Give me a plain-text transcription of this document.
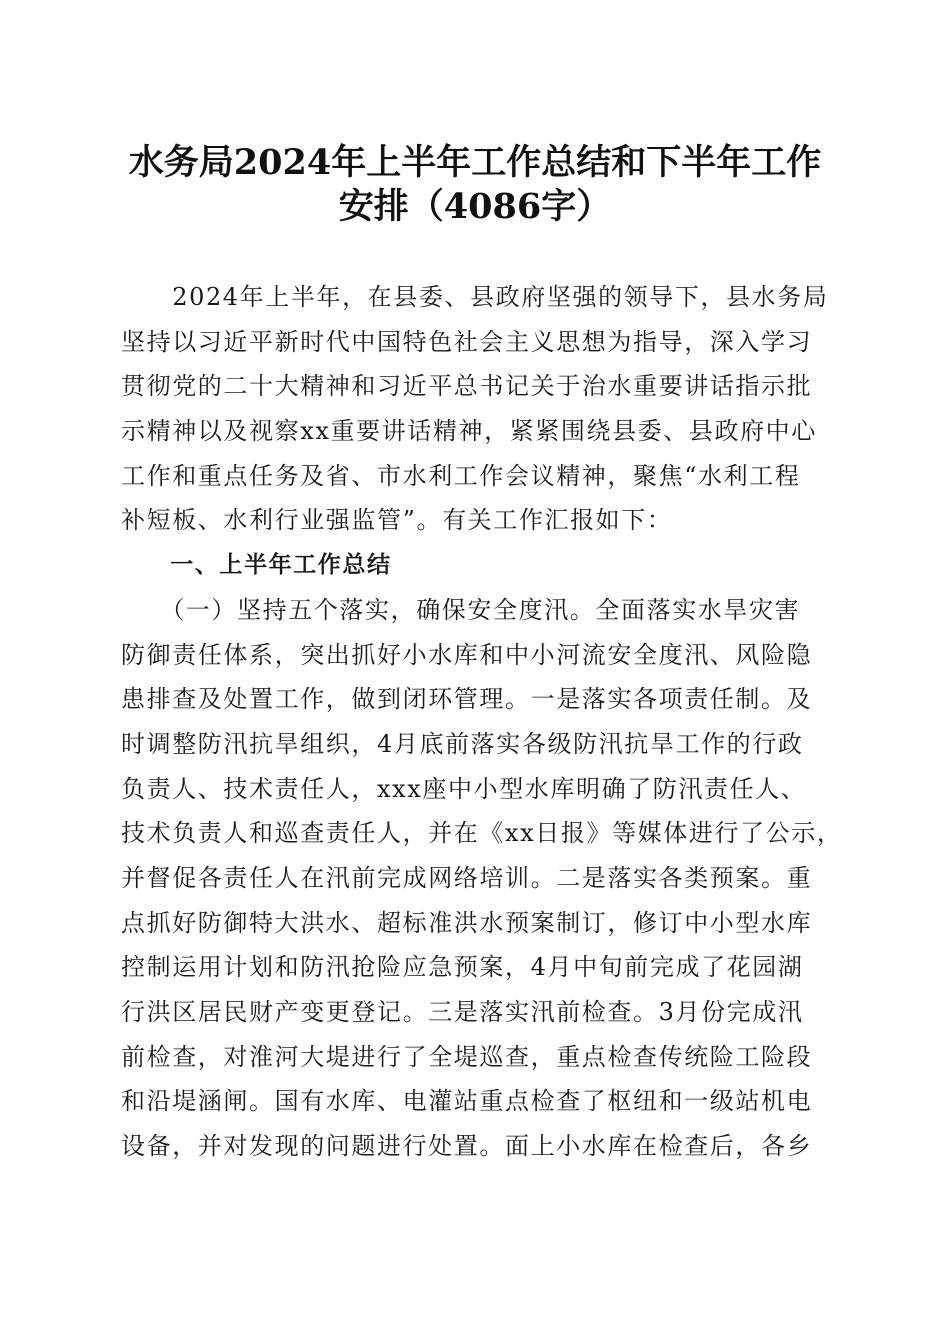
水务局2024年上半年工作总结和下半年工作
安排（4086字）
　　2024年上半年，在县委、县政府坚强的领导下，县水务局
坚持以习近平新时代中国特色社会主义思想为指导，深入学习
贯彻党的二十大精神和习近平总书记关于治水重要讲话指示批
示精神以及视察xx重要讲话精神，紧紧围绕县委、县政府中心
工作和重点任务及省、市水利工作会议精神，聚焦“水利工程
补短板、水利行业强监管”。有关工作汇报如下：
　　一、上半年工作总结
　　（一）坚持五个落实，确保安全度汛。全面落实水旱灾害
防御责任体系，突出抓好小水库和中小河流安全度汛、风险隐
患排查及处置工作，做到闭环管理。一是落实各项责任制。及
时调整防汛抗旱组织，4月底前落实各级防汛抗旱工作的行政
负责人、技术责任人，xxx座中小型水库明确了防汛责任人、
技术负责人和巡查责任人，并在《xx日报》等媒体进行了公示，
并督促各责任人在汛前完成网络培训。二是落实各类预案。重
点抓好防御特大洪水、超标准洪水预案制订，修订中小型水库
控制运用计划和防汛抢险应急预案，4月中旬前完成了花园湖
行洪区居民财产变更登记。三是落实汛前检查。3月份完成汛
前检查，对淮河大堤进行了全堤巡查，重点检查传统险工险段
和沿堤涵闸。国有水库、电灌站重点检查了枢纽和一级站机电
设备，并对发现的问题进行处置。面上小水库在检查后，各乡
